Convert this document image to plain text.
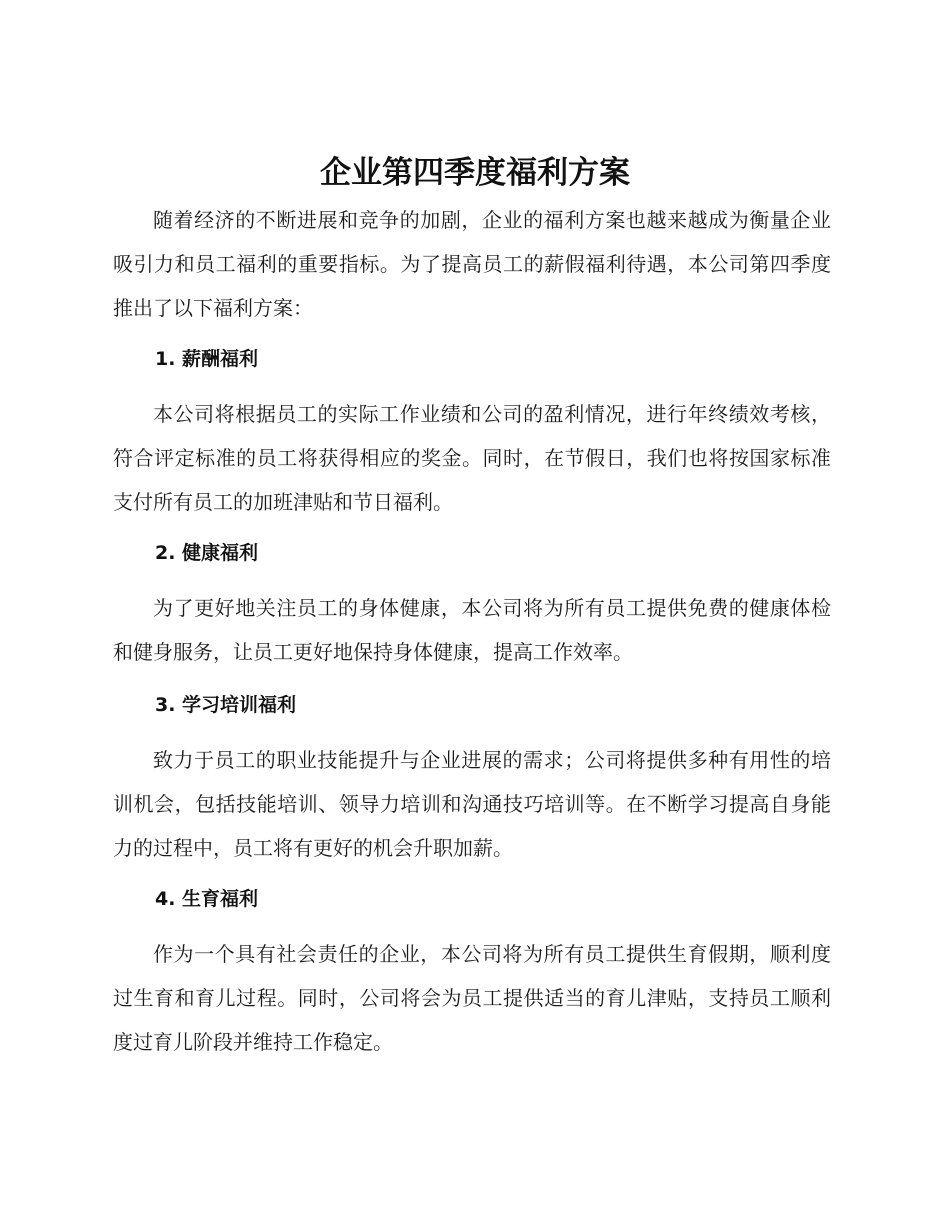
企业第四季度福利方案

随着经济的不断进展和竞争的加剧，企业的福利方案也越来越成为衡量企业吸引力和员工福利的重要指标。为了提高员工的薪假福利待遇，本公司第四季度推出了以下福利方案：

1. 薪酬福利

本公司将根据员工的实际工作业绩和公司的盈利情况，进行年终绩效考核，符合评定标准的员工将获得相应的奖金。同时，在节假日，我们也将按国家标准支付所有员工的加班津贴和节日福利。

2. 健康福利

为了更好地关注员工的身体健康，本公司将为所有员工提供免费的健康体检和健身服务，让员工更好地保持身体健康，提高工作效率。

3. 学习培训福利

致力于员工的职业技能提升与企业进展的需求；公司将提供多种有用性的培训机会，包括技能培训、领导力培训和沟通技巧培训等。在不断学习提高自身能力的过程中，员工将有更好的机会升职加薪。

4. 生育福利

作为一个具有社会责任的企业，本公司将为所有员工提供生育假期，顺利度过生育和育儿过程。同时，公司将会为员工提供适当的育儿津贴，支持员工顺利度过育儿阶段并维持工作稳定。
